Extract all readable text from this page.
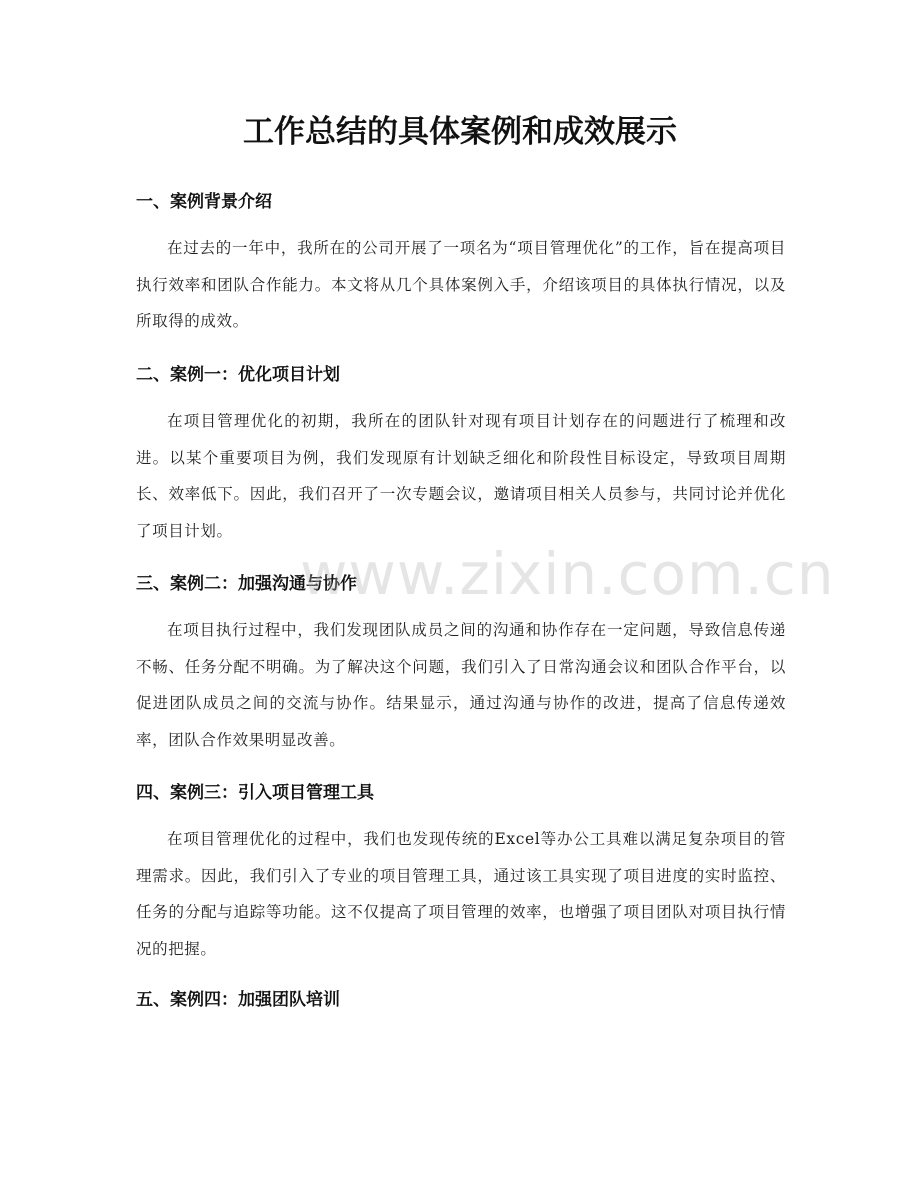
工作总结的具体案例和成效展示
一、案例背景介绍

在过去的一年中，我所在的公司开展了一项名为“项目管理优化”的工作，旨在提高项目执行效率和团队合作能力。本文将从几个具体案例入手，介绍该项目的具体执行情况，以及所取得的成效。

二、案例一：优化项目计划

在项目管理优化的初期，我所在的团队针对现有项目计划存在的问题进行了梳理和改进。以某个重要项目为例，我们发现原有计划缺乏细化和阶段性目标设定，导致项目周期长、效率低下。因此，我们召开了一次专题会议，邀请项目相关人员参与，共同讨论并优化了项目计划。

三、案例二：加强沟通与协作

在项目执行过程中，我们发现团队成员之间的沟通和协作存在一定问题，导致信息传递不畅、任务分配不明确。为了解决这个问题，我们引入了日常沟通会议和团队合作平台，以促进团队成员之间的交流与协作。结果显示，通过沟通与协作的改进，提高了信息传递效率，团队合作效果明显改善。

四、案例三：引入项目管理工具

在项目管理优化的过程中，我们也发现传统的Excel等办公工具难以满足复杂项目的管理需求。因此，我们引入了专业的项目管理工具，通过该工具实现了项目进度的实时监控、任务的分配与追踪等功能。这不仅提高了项目管理的效率，也增强了项目团队对项目执行情况的把握。

五、案例四：加强团队培训
www.zixin.com.cn
